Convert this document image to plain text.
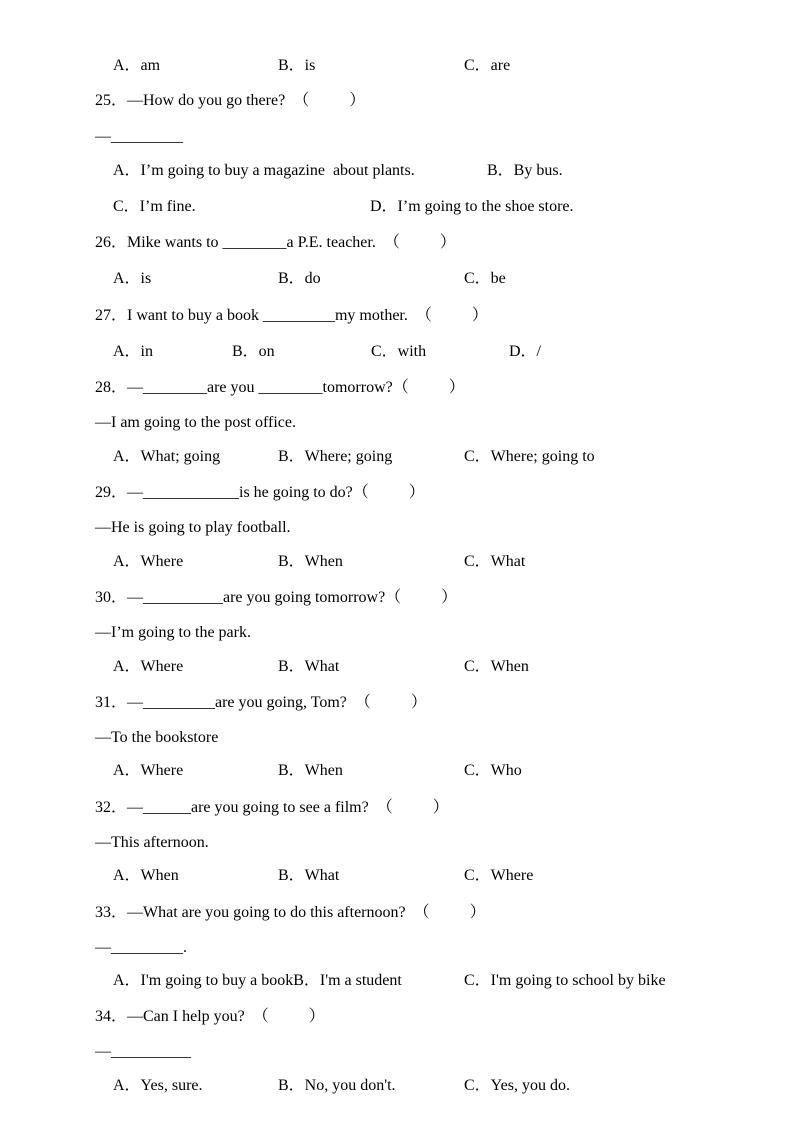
A．am	B．is	C．are
25．—How do you go there?  （          ）
—_________
A．I’m going to buy a magazine  about plants.	B．By bus.
C．I’m fine.	D．I’m going to the shoe store.
26．Mike wants to ________a P.E. teacher.  （          ）
A．is	B．do	C．be
27．I want to buy a book _________my mother.  （          ）
A．in	B．on	C．with	D．/
28．—________are you ________tomorrow?（          ）
—I am going to the post office.
A．What; going	B．Where; going	C．Where; going to
29．—____________is he going to do?（          ）
—He is going to play football.
A．Where	B．When	C．What
30．—__________are you going tomorrow?（          ）
—I’m going to the park.
A．Where	B．What	C．When
31．—_________are you going, Tom?  （          ）
—To the bookstore
A．Where	B．When	C．Who
32．—______are you going to see a film?  （          ）
—This afternoon.
A．When	B．What	C．Where
33．—What are you going to do this afternoon?  （          ）
—_________.
A．I'm going to buy a bookB．I'm a student	C．I'm going to school by bike
34．—Can I help you?  （          ）
—__________
A．Yes, sure.	B．No, you don't.	C．Yes, you do.
